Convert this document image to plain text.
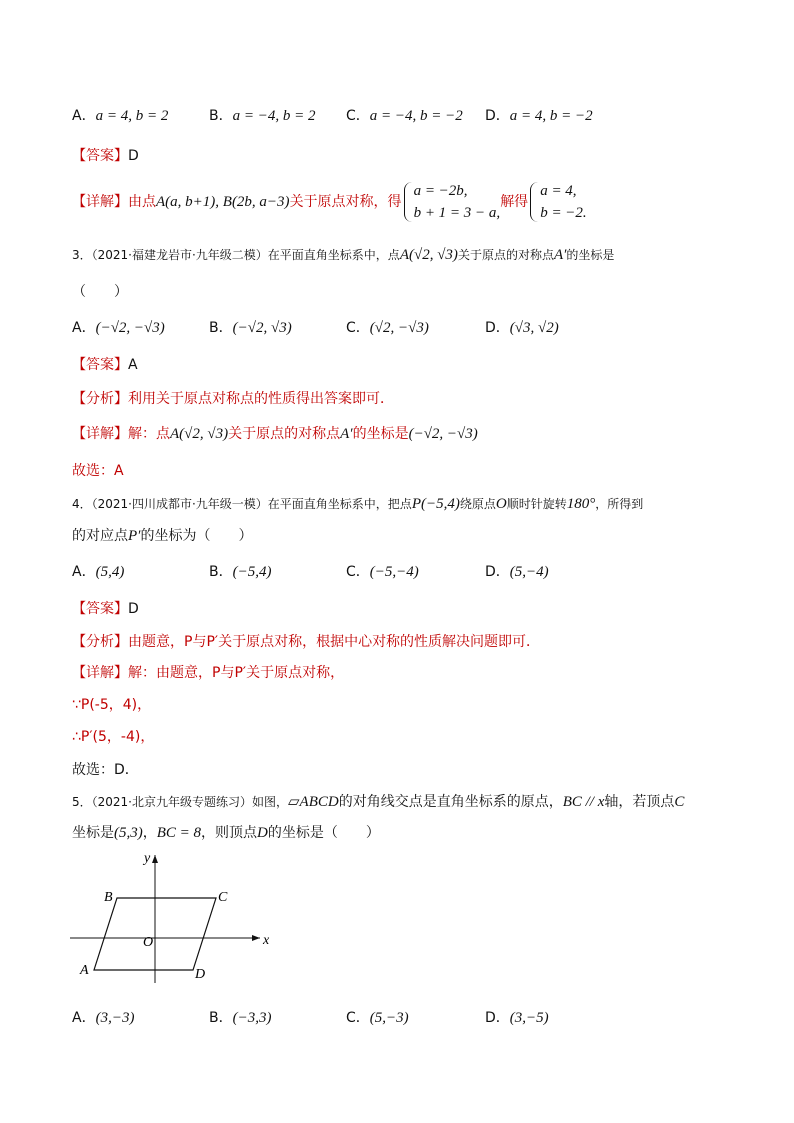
A．a = 4, b = 2	B．a = −4, b = 2 C．a = −4, b = −2 D．a = 4, b = −2
【答案】D
【详解】由点A(a, b+1), B(2b, a−3)关于原点对称，得
a = −2b,
b + 1 = 3 − a,
解得
a = 4,
b = −2.
3．（2021·福建龙岩市·九年级二模）在平面直角坐标系中，点A(√2, √3)关于原点的对称点A′的坐标是
（　　）
A．(−√2, −√3)	B．(−√2, √3)	C．(√2, −√3)	D．(√3, √2)
【答案】A
【分析】利用关于原点对称点的性质得出答案即可．
【详解】解：点A(√2, √3)关于原点的对称点A′的坐标是(−√2, −√3)
故选：A
4．（2021·四川成都市·九年级一模）在平面直角坐标系中，把点P(−5,4)绕原点O顺时针旋转180°，所得到
的对应点P′的坐标为（　　）
A．(5,4)	B．(−5,4)	C．(−5,−4)	D．(5,−4)
【答案】D
【分析】由题意，P与P′关于原点对称，根据中心对称的性质解决问题即可．
【详解】解：由题意，P与P′关于原点对称，
∵P(-5，4)，
∴P′(5，-4)，
故选：D．
5．（2021·北京九年级专题练习）如图，▱ABCD的对角线交点是直角坐标系的原点，BC // x轴，若顶点C
坐标是(5,3)，BC = 8，则顶点D的坐标是（　　）
x
y
O
A
B	C
D
A．(3,−3)	B．(−3,3)	C．(5,−3)	D．(3,−5)
